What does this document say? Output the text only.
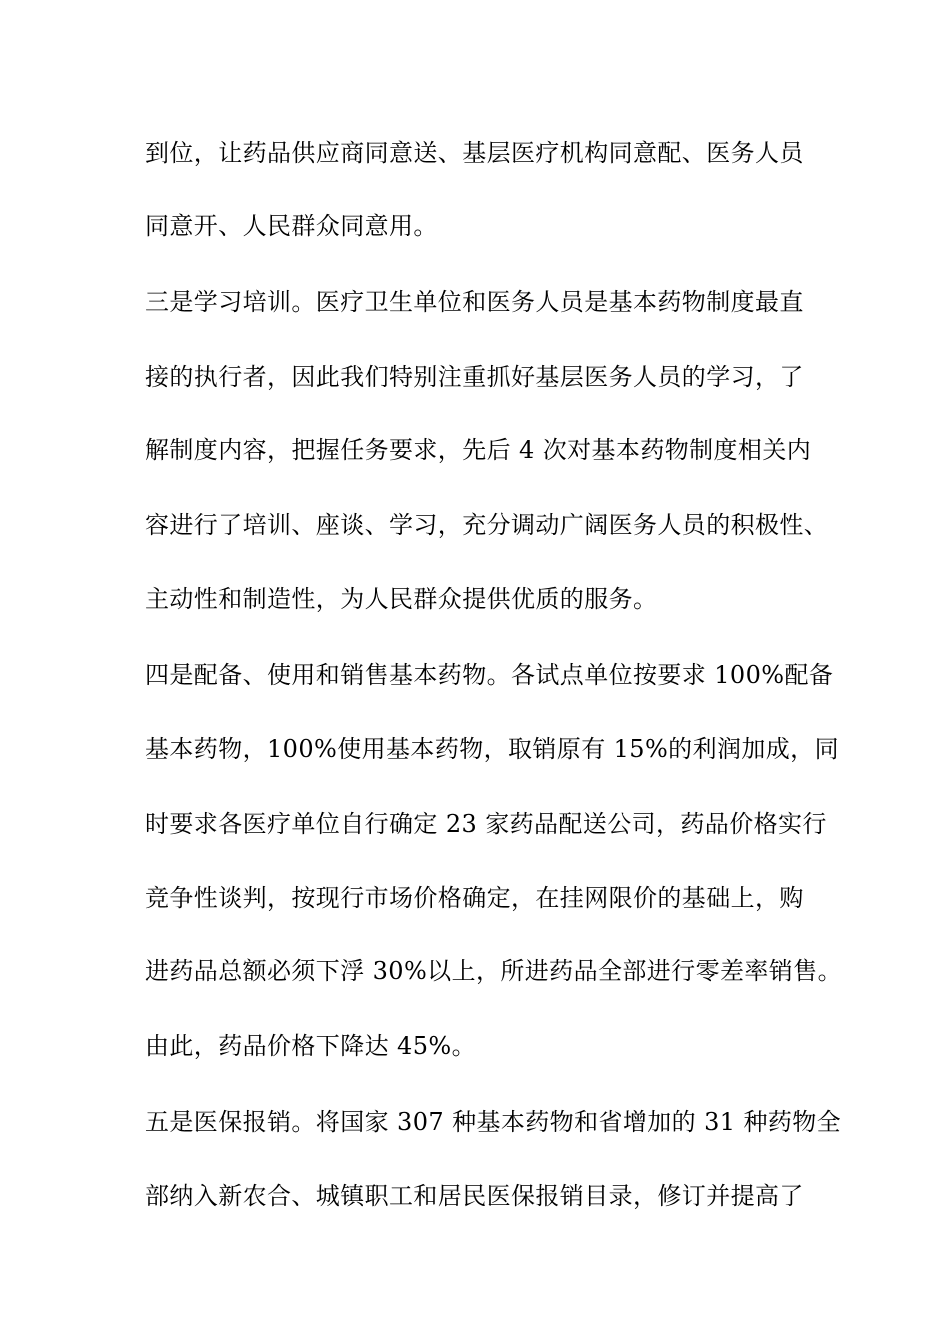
到位，让药品供应商同意送、基层医疗机构同意配、医务人员
同意开、人民群众同意用。
三是学习培训。医疗卫生单位和医务人员是基本药物制度最直
接的执行者，因此我们特别注重抓好基层医务人员的学习，了
解制度内容，把握任务要求，先后 4 次对基本药物制度相关内
容进行了培训、座谈、学习，充分调动广阔医务人员的积极性、
主动性和制造性，为人民群众提供优质的服务。
四是配备、使用和销售基本药物。各试点单位按要求 100%配备
基本药物，100%使用基本药物，取销原有 15%的利润加成，同
时要求各医疗单位自行确定 23 家药品配送公司，药品价格实行
竞争性谈判，按现行市场价格确定，在挂网限价的基础上，购
进药品总额必须下浮 30%以上，所进药品全部进行零差率销售。
由此，药品价格下降达 45%。
五是医保报销。将国家 307 种基本药物和省增加的 31 种药物全
部纳入新农合、城镇职工和居民医保报销目录，修订并提高了
